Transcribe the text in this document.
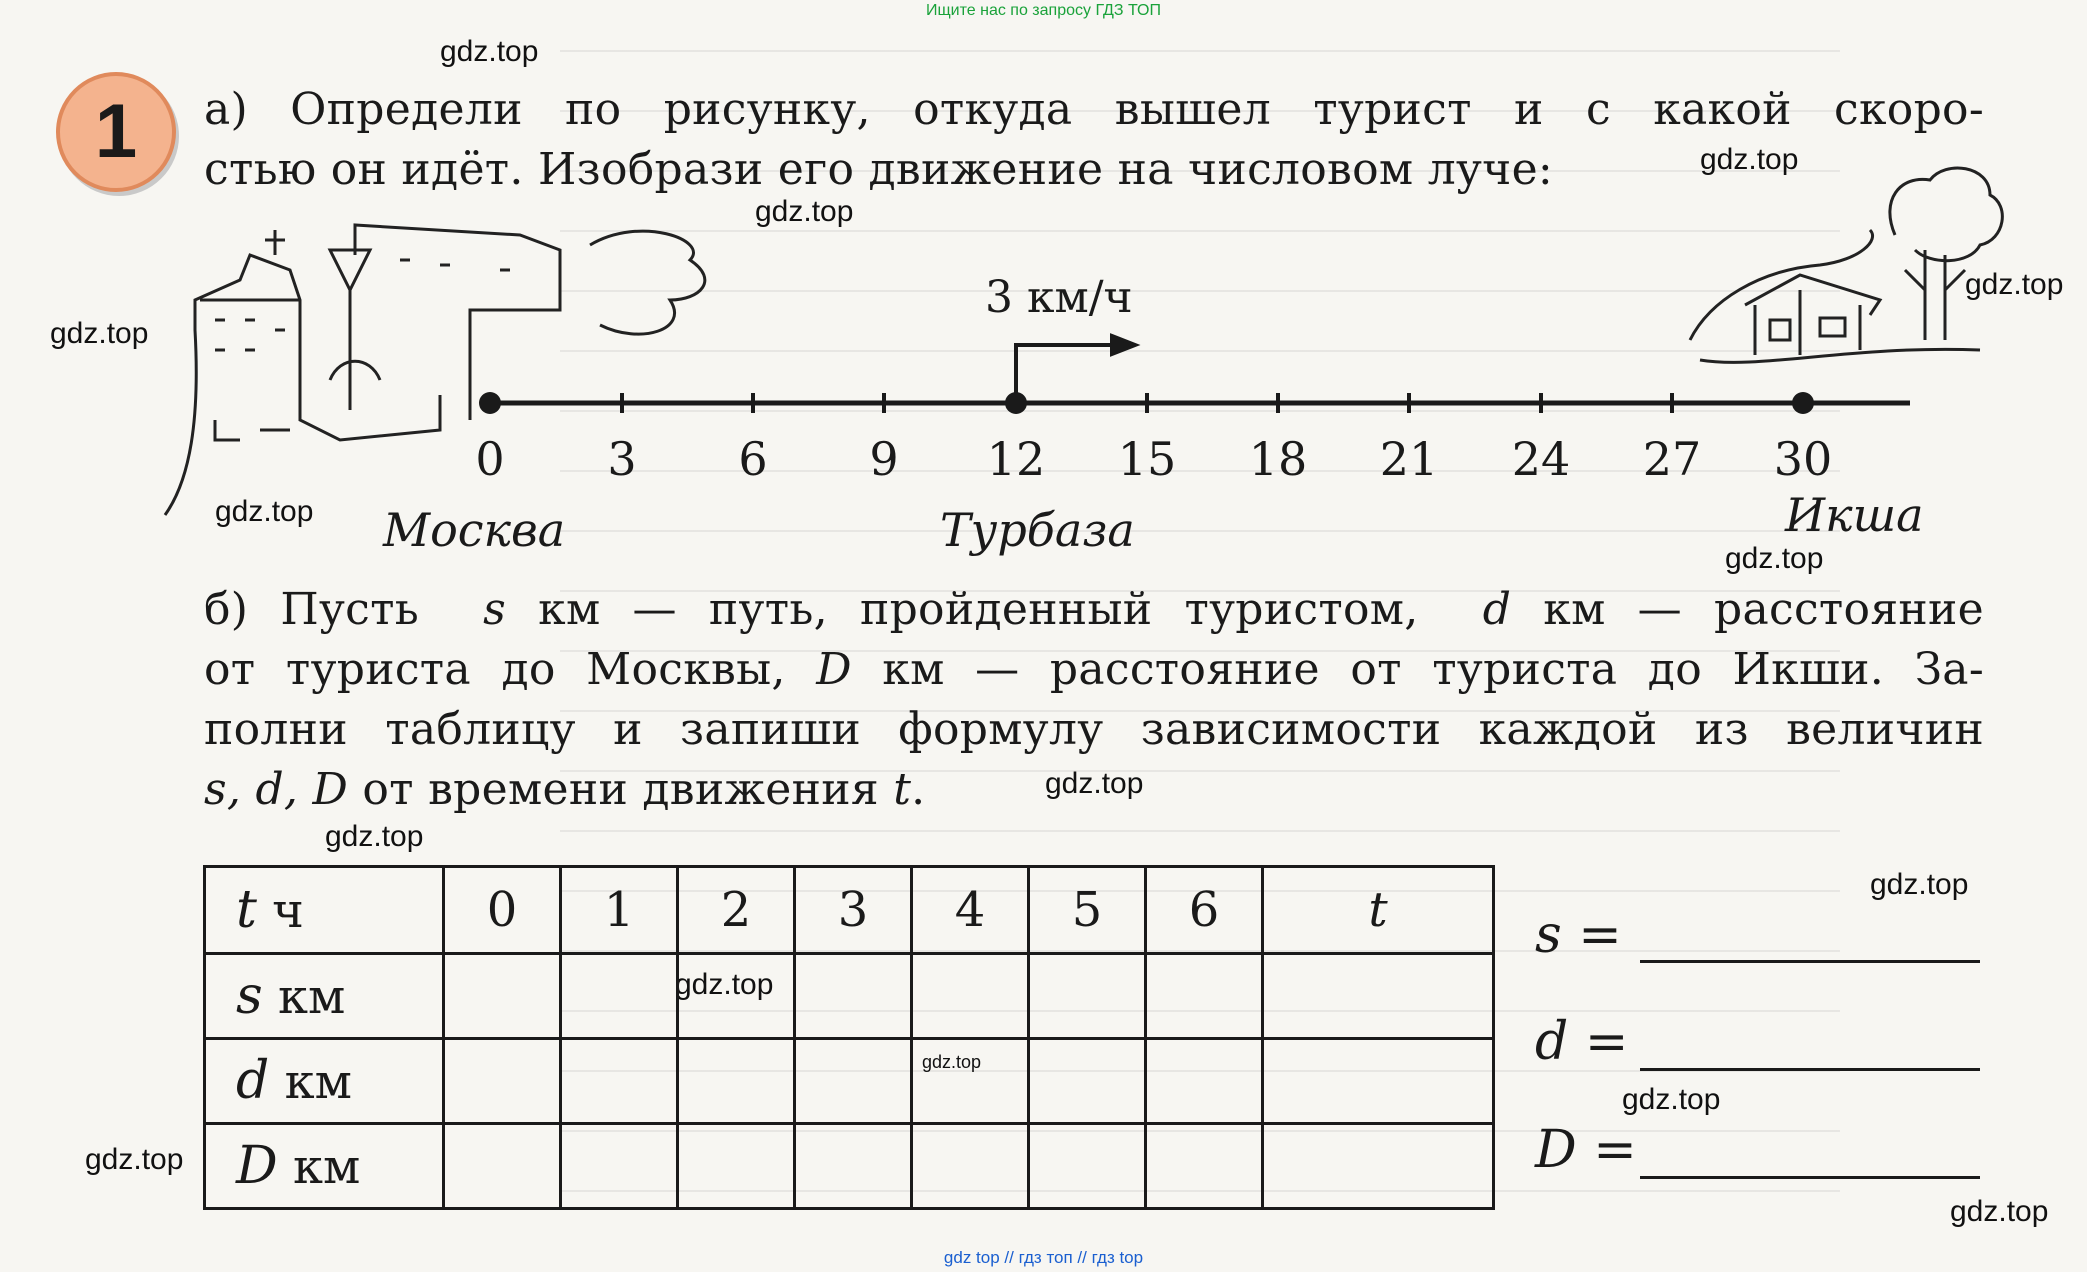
Ищите нас по запросу ГДЗ ТОП
gdz.top
gdz.top
gdz.top
gdz.top
gdz.top
gdz.top
gdz.top
gdz.top
gdz.top
gdz.top
gdz.top
gdz.top
gdz.top
gdz.top
gdz.top
1	а) Определи по рисунку, откуда вышел турист и с какой скоро-
стью он идёт. Изобрази его движение на числовом луче:
3 км/ч
0	3	6	9	12 15 18 21 24 27 30
Москва	Турбаза	Икша
б) Пусть s км — путь, пройденный туристом, d км — расстояние
от туриста до Москвы, D км — расстояние от туриста до Икши. За-
полни таблицу и запиши формулу зависимости каждой из величин
s, d, D от времени движения t.
t ч	0	1	2	3	4	5	6	t
s км								
d км								
D км								
s =
d =
D =
gdz top // гдз топ // гдз top
